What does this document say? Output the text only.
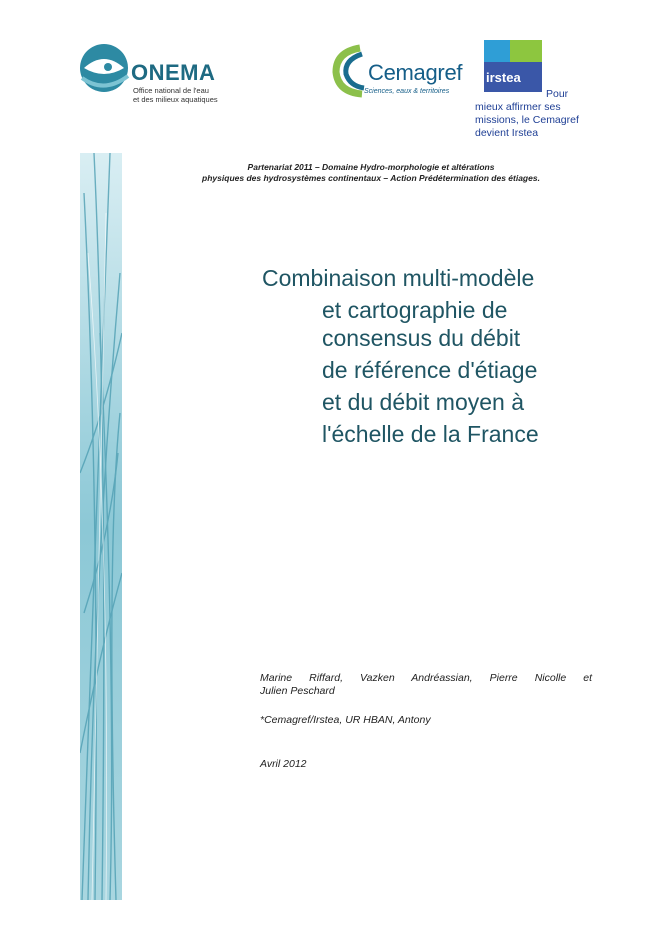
ONEMA
Office national de l'eau
et des milieux aquatiques
Cemagref
Sciences, eaux & territoires
irstea
Pour
mieux affirmer ses
missions, le Cemagref
devient Irstea
Partenariat 2011 – Domaine Hydro-morphologie et altérations
physiques des hydrosystèmes continentaux – Action Prédétermination des étiages.
Combinaison multi-modèle
et cartographie de
consensus du débit
de référence d'étiage
et du débit moyen à
l'échelle de la France
Marine Riffard, Vazken Andréassian, Pierre Nicolle et
Julien Peschard
*Cemagref/Irstea, UR HBAN, Antony
Avril 2012
